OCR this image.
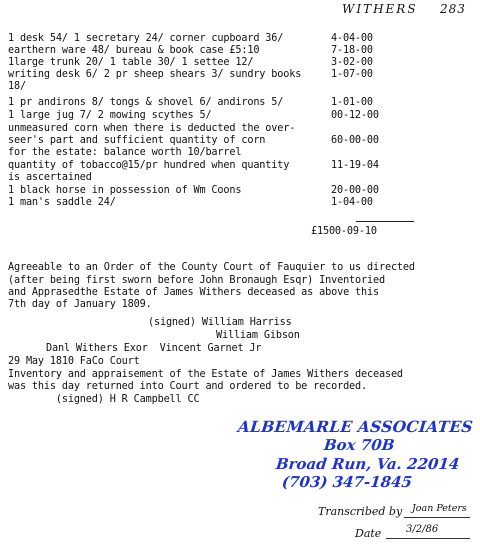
WITHERS 283
1 desk 54/ 1 secretary 24/ corner cupboard 36/	4-04-00
earthern ware 48/ bureau & book case £5:10	7-18-00
1large trunk 20/ 1 table 30/ 1 settee 12/	3-02-00
writing desk 6/ 2 pr sheep shears 3/ sundry books	1-07-00
18/
1 pr andirons 8/ tongs & shovel 6/ andirons 5/	1-01-00
1 large jug 7/ 2 mowing scythes 5/	00-12-00
unmeasured corn when there is deducted the over-
seer's part and sufficient quantity of corn	60-00-00
for the estate: balance worth 10/barrel
quantity of tobacco@15/pr hundred when quantity	11-19-04
is ascertained
1 black horse in possession of Wm Coons	20-00-00
1 man's saddle 24/	1-04-00
£1500-09-10
Agreeable to an Order of the County Court of Fauquier to us directed
(after being first sworn before John Bronaugh Esqr) Inventoried
and Apprasedthe Estate of James Withers deceased as above this
7th day of January 1809.
(signed) William Harriss
William Gibson
Danl Withers Exor  Vincent Garnet Jr
29 May 1810 FaCo Court
Inventory and appraisement of the Estate of James Withers deceased
was this day returned into Court and ordered to be recorded.
(signed) H R Campbell CC
ALBEMARLE ASSOCIATES
Box 70B
Broad Run, Va. 22014
(703) 347-1845
Transcribed by Joan Peters
Date 3/2/86
